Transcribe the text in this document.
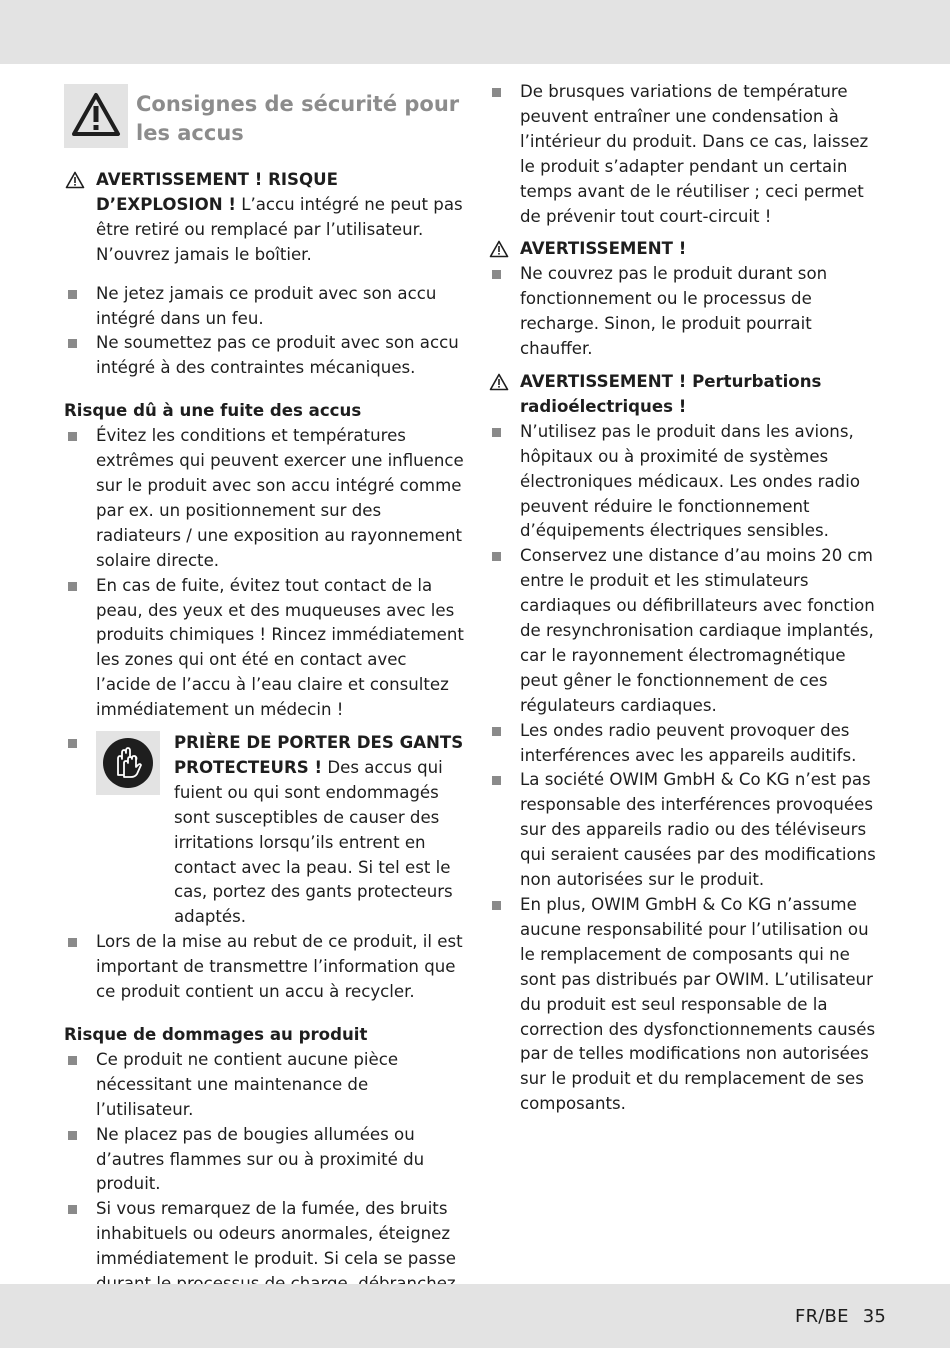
Consignes de sécurité pour les accus
AVERTISSEMENT ! RISQUE D’EXPLOSION ! L’accu intégré ne peut pas être retiré ou remplacé par l’utilisateur. N’ouvrez jamais le boîtier.
Ne jetez jamais ce produit avec son accu intégré dans un feu.
Ne soumettez pas ce produit avec son accu intégré à des contraintes mécaniques.
Risque dû à une fuite des accus
Évitez les conditions et températures extrêmes qui peuvent exercer une influence sur le produit avec son accu intégré comme par ex. un positionnement sur des radiateurs / une exposition au rayonnement solaire directe.
En cas de fuite, évitez tout contact de la peau, des yeux et des muqueuses avec les produits chimiques ! Rincez immédiatement les zones qui ont été en contact avec l’acide de l’accu à l’eau claire et consultez immédiatement un médecin !
PRIÈRE DE PORTER DES GANTS PROTECTEURS ! Des accus qui fuient ou qui sont endommagés sont susceptibles de causer des irritations lorsqu’ils entrent en contact avec la peau. Si tel est le cas, portez des gants protecteurs adaptés.
Lors de la mise au rebut de ce produit, il est important de transmettre l’information que ce produit contient un accu à recycler.
Risque de dommages au produit
Ce produit ne contient aucune pièce nécessitant une maintenance de l’utilisateur.
Ne placez pas de bougies allumées ou d’autres flammes sur ou à proximité du produit.
Si vous remarquez de la fumée, des bruits inhabituels ou odeurs anormales, éteignez immédiatement le produit. Si cela se passe
De brusques variations de température peuvent entraîner une condensation à l’intérieur du produit. Dans ce cas, laissez le produit s’adapter pendant un certain temps avant de le réutiliser ; ceci permet de prévenir tout court-circuit !
AVERTISSEMENT !
Ne couvrez pas le produit durant son fonctionnement ou le processus de recharge. Sinon, le produit pourrait chauffer.
AVERTISSEMENT ! Perturbations radioélectriques !
N’utilisez pas le produit dans les avions, hôpitaux ou à proximité de systèmes électroniques médicaux. Les ondes radio peuvent réduire le fonctionnement d’équipements électriques sensibles.
Conservez une distance d’au moins 20 cm entre le produit et les stimulateurs cardiaques ou défibrillateurs avec fonction de resynchronisation cardiaque implantés, car le rayonnement électromagnétique peut gêner le fonctionnement de ces régulateurs cardiaques.
Les ondes radio peuvent provoquer des interférences avec les appareils auditifs.
La société OWIM GmbH & Co KG n’est pas responsable des interférences provoquées sur des appareils radio ou des téléviseurs qui seraient causées par des modifications non autorisées sur le produit.
En plus, OWIM GmbH & Co KG n’assume aucune responsabilité pour l’utilisation ou le remplacement de composants qui ne sont pas distribués par OWIM. L’utilisateur du produit est seul responsable de la correction des dysfonctionnements causés par de telles modifications non autorisées sur le produit et du remplacement de ses composants.
FR/BE 35
